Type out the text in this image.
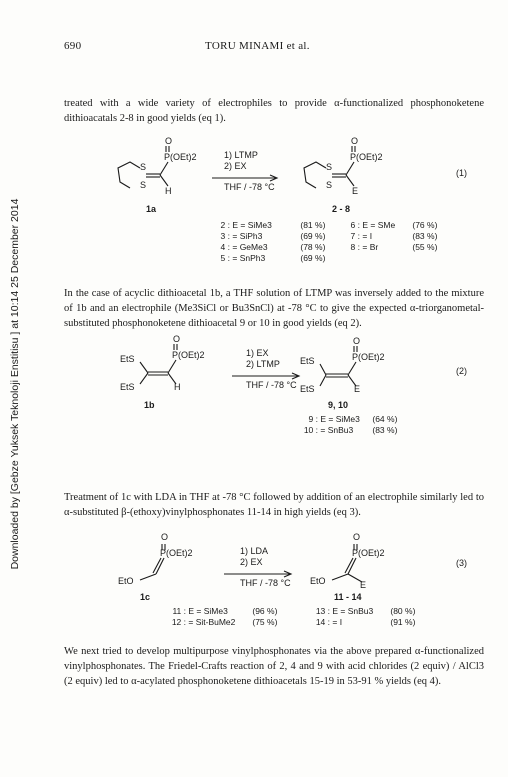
Downloaded by [Gebze Yuksek Teknoloji Enstitisu ] at 10:14 25 December 2014
690	TORU MINAMI et al.
treated with a wide variety of electrophiles to provide α-functionalized phosphonoketene dithioacatals 2-8 in good yields (eq 1).
O
P(OEt)2
S
S
H
1) LTMP
2) EX
THF / -78 °C
O
P(OEt)2
S
S
E
(1)
1a	2 - 8
2 : E = SiMe3	(81 %)
3 : = SiPh3	(69 %)
4 : = GeMe3	(78 %)
5 : = SnPh3	(69 %)
6 : E = SMe (76 %)
7 : = I	(83 %)
8 : = Br	(55 %)
In the case of acyclic dithioacetal 1b, a THF solution of LTMP was inversely added to the mixture of 1b and an electrophile (Me3SiCl or Bu3SnCl) at -78 °C to give the expected α-triorganometal-substituted phosphonoketene dithioacetal 9 or 10 in good yields (eq 2).
O
P(OEt)2
EtS
EtS	H
1) EX
2) LTMP
THF / -78 °C
O
P(OEt)2
EtS
EtS	E
(2)
1b	9, 10
9 : E = SiMe3 (64 %)
10 : = SnBu3 (83 %)
Treatment of 1c with LDA in THF at -78 °C followed by addition of an electrophile similarly led to α-substituted β-(ethoxy)vinylphosphonates 11-14 in high yields (eq 3).
O
P(OEt)2
EtO
1) LDA
2) EX
THF / -78 °C
O
P(OEt)2
EtO	E
(3)
1c	11 - 14
11 : E = SiMe3	(96 %)
12 : = Sit-BuMe2 (75 %)
13 : E = SnBu3 (80 %)
14 : = I	(91 %)
We next tried to develop multipurpose vinylphosphonates via the above prepared α-functionalized vinylphosphonates. The Friedel-Crafts reaction of 2, 4 and 9 with acid chlorides (2 equiv) / AlCl3 (2 equiv) led to α-acylated phosphonoketene dithioacetals 15-19 in 53-91 % yields (eq 4).
